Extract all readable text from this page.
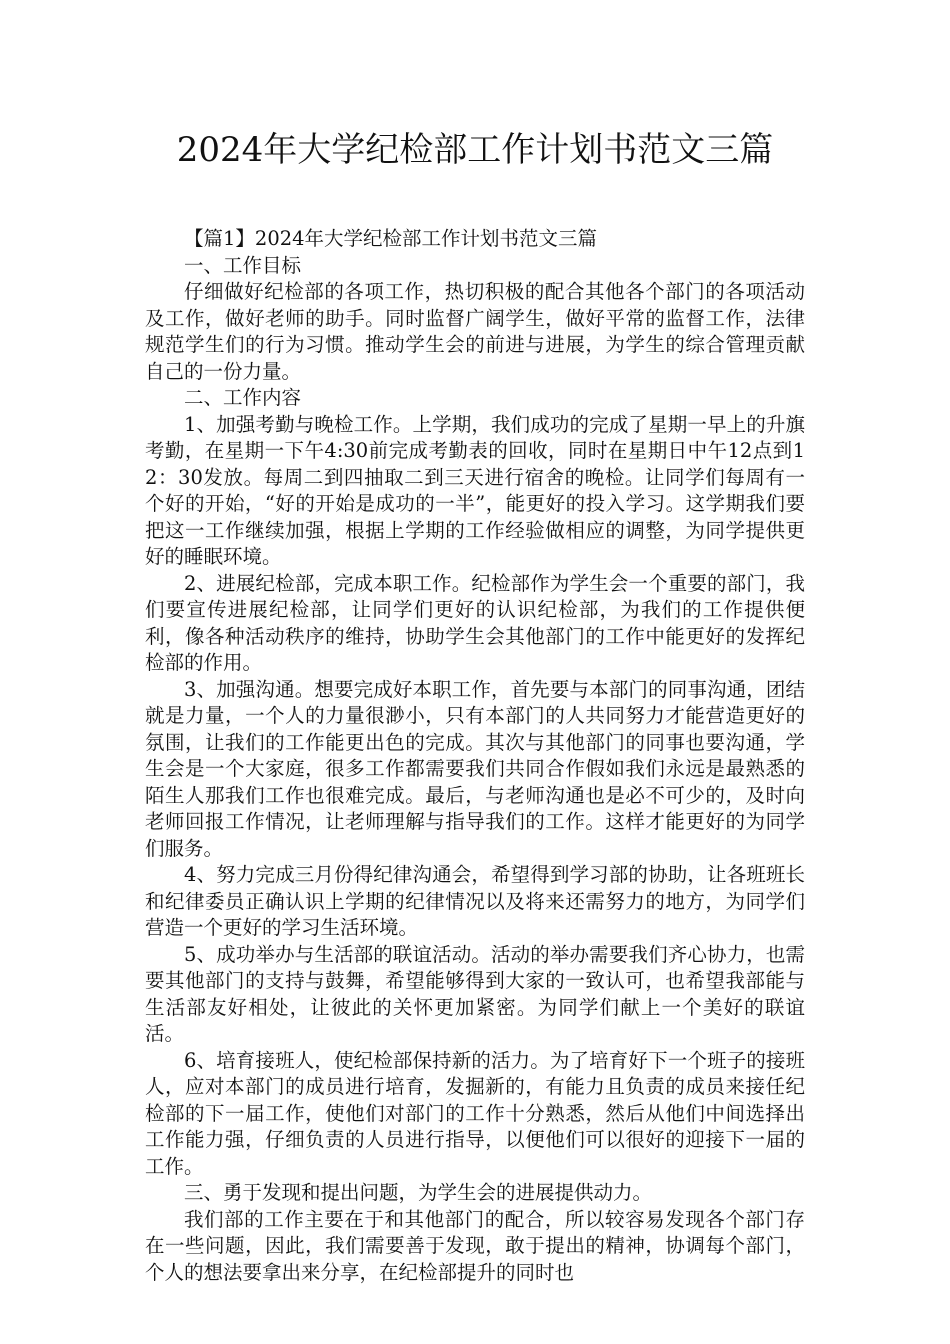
2024年大学纪检部工作计划书范文三篇

【篇1】2024年大学纪检部工作计划书范文三篇

一、工作目标

仔细做好纪检部的各项工作，热切积极的配合其他各个部门的各项活动及工作，做好老师的助手。同时监督广阔学生，做好平常的监督工作，法律规范学生们的行为习惯。推动学生会的前进与进展，为学生的综合管理贡献自己的一份力量。

二、工作内容

1、加强考勤与晚检工作。上学期，我们成功的完成了星期一早上的升旗考勤，在星期一下午4:30前完成考勤表的回收，同时在星期日中午12点到12：30发放。每周二到四抽取二到三天进行宿舍的晚检。让同学们每周有一个好的开始，“好的开始是成功的一半”，能更好的投入学习。这学期我们要把这一工作继续加强，根据上学期的工作经验做相应的调整，为同学提供更好的睡眠环境。

2、进展纪检部，完成本职工作。纪检部作为学生会一个重要的部门，我们要宣传进展纪检部，让同学们更好的认识纪检部，为我们的工作提供便利，像各种活动秩序的维持，协助学生会其他部门的工作中能更好的发挥纪检部的作用。

3、加强沟通。想要完成好本职工作，首先要与本部门的同事沟通，团结就是力量，一个人的力量很渺小，只有本部门的人共同努力才能营造更好的氛围，让我们的工作能更出色的完成。其次与其他部门的同事也要沟通，学生会是一个大家庭，很多工作都需要我们共同合作假如我们永远是最熟悉的陌生人那我们工作也很难完成。最后，与老师沟通也是必不可少的，及时向老师回报工作情况，让老师理解与指导我们的工作。这样才能更好的为同学们服务。

4、努力完成三月份得纪律沟通会，希望得到学习部的协助，让各班班长和纪律委员正确认识上学期的纪律情况以及将来还需努力的地方，为同学们营造一个更好的学习生活环境。

5、成功举办与生活部的联谊活动。活动的举办需要我们齐心协力，也需要其他部门的支持与鼓舞，希望能够得到大家的一致认可，也希望我部能与生活部友好相处，让彼此的关怀更加紧密。为同学们献上一个美好的联谊活。

6、培育接班人，使纪检部保持新的活力。为了培育好下一个班子的接班人，应对本部门的成员进行培育，发掘新的，有能力且负责的成员来接任纪检部的下一届工作，使他们对部门的工作十分熟悉，然后从他们中间选择出工作能力强，仔细负责的人员进行指导，以便他们可以很好的迎接下一届的工作。

三、勇于发现和提出问题，为学生会的进展提供动力。

我们部的工作主要在于和其他部门的配合，所以较容易发现各个部门存在一些问题，因此，我们需要善于发现，敢于提出的精神，协调每个部门，个人的想法要拿出来分享，在纪检部提升的同时也
